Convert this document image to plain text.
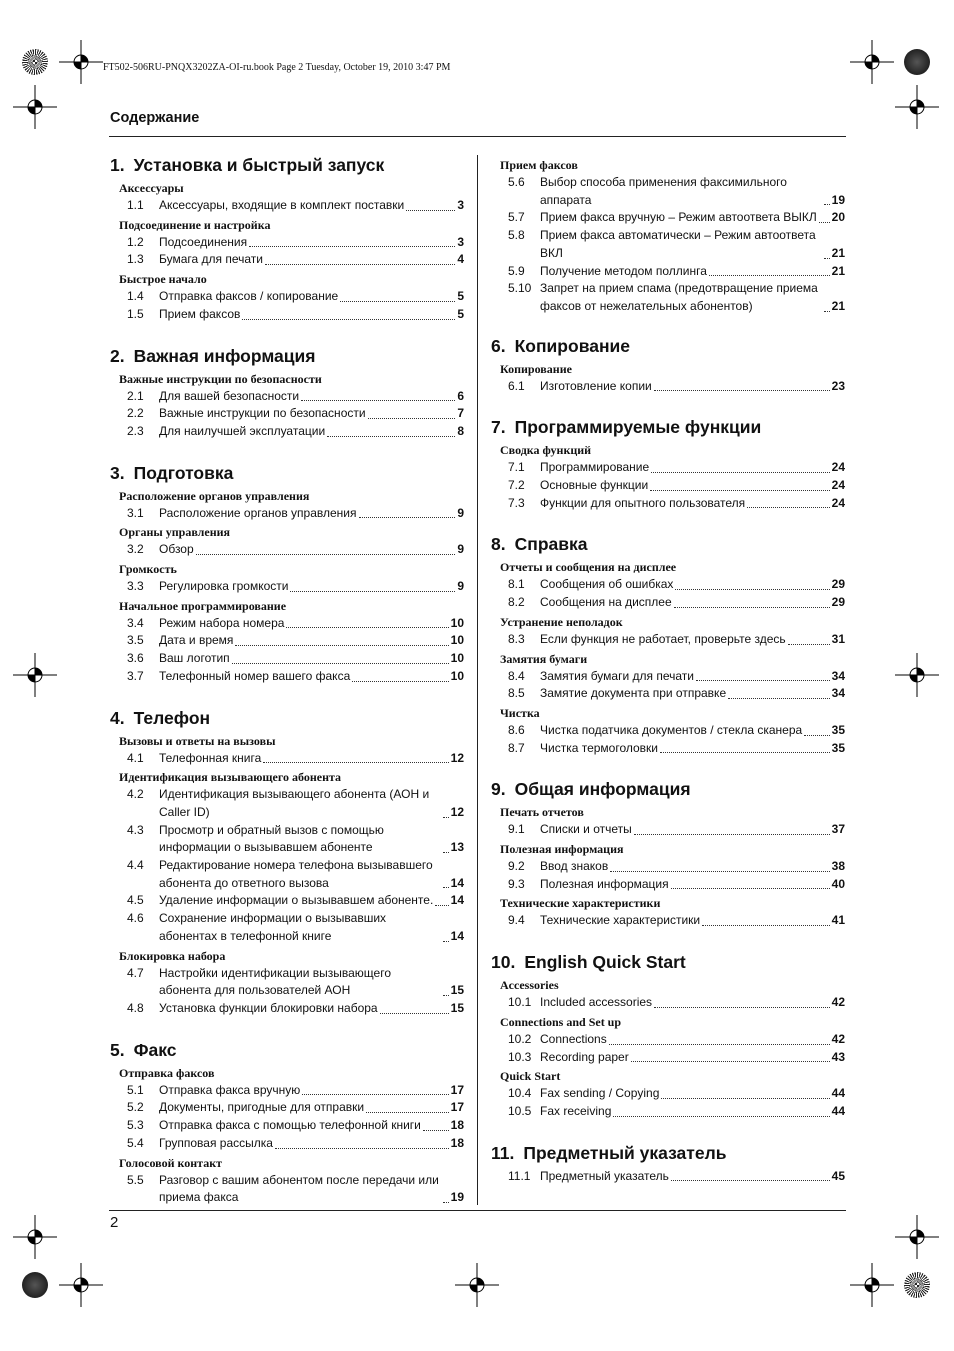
FT502-506RU-PNQX3202ZA-OI-ru.book Page 2 Tuesday, October 19, 2010 3:47 PM
Содержание
2
1. Установка и быстрый запуск
Аксессуары
1.1	Аксессуары, входящие в комплект поставки	3
Подсоединение и настройка
1.2	Подсоединения	3
1.3	Бумага для печати	4
Быстрое начало
1.4	Отправка факсов / копирование	5
1.5	Прием факсов	5
2. Важная информация
Важные инструкции по безопасности
2.1	Для вашей безопасности	6
2.2	Важные инструкции по безопасности	7
2.3	Для наилучшей эксплуатации	8
3. Подготовка
Расположение органов управления
3.1	Расположение органов управления	9
Органы управления
3.2	Обзор	9
Громкость
3.3	Регулировка громкости	9
Начальное программирование
3.4	Режим набора номера	10
3.5	Дата и время	10
3.6	Ваш логотип	10
3.7	Телефонный номер вашего факса	10
4. Телефон
Вызовы и ответы на вызовы
4.1	Телефонная книга	12
Идентификация вызывающего абонента
4.2	Идентификация вызывающего абонента (АОН и Caller ID)	12
4.3	Просмотр и обратный вызов с помощью информации о вызывавшем абоненте	13
4.4	Редактирование номера телефона вызывавшего абонента до ответного вызова	14
4.5	Удаление информации о вызывавшем абоненте. 14
4.6	Сохранение информации о вызывавших абонентах в телефонной книге	14
Блокировка набора
4.7	Настройки идентификации вызывающего абонента для пользователей АОН	15
4.8	Установка функции блокировки набора	15
5. Факс
Отправка факсов
5.1	Отправка факса вручную	17
5.2	Документы, пригодные для отправки	17
5.3	Отправка факса с помощью телефонной книги 18
5.4	Групповая рассылка	18
Голосовой контакт
5.5	Разговор с вашим абонентом после передачи или приема факса	19
Прием факсов
5.6	Выбор способа применения факсимильного аппарата	19
5.7	Прием факса вручную – Режим автоответа ВЫКЛ 20
5.8	Прием факса автоматически – Режим автоответа ВКЛ	21
5.9	Получение методом поллинга	21
5.10 Запрет на прием спама (предотвращение приема факсов от нежелательных абонентов)	21
6. Копирование
Копирование
6.1	Изготовление копии	23
7. Программируемые функции
Сводка функций
7.1	Программирование	24
7.2	Основные функции	24
7.3	Функции для опытного пользователя	24
8. Справка
Отчеты и сообщения на дисплее
8.1	Сообщения об ошибках	29
8.2	Сообщения на дисплее	29
Устранение неполадок
8.3	Если функция не работает, проверьте здесь	31
Замятия бумаги
8.4	Замятия бумаги для печати	34
8.5	Замятие документа при отправке	34
Чистка
8.6	Чистка податчика документов / стекла сканера 35
8.7	Чистка термоголовки	35
9. Общая информация
Печать отчетов
9.1	Списки и отчеты	37
Полезная информация
9.2	Ввод знаков	38
9.3	Полезная информация	40
Технические характеристики
9.4	Технические характеристики	41
10. English Quick Start
Accessories
10.1 Included accessories	42
Connections and Set up
10.2 Connections	42
10.3 Recording paper	43
Quick Start
10.4 Fax sending / Copying	44
10.5 Fax receiving	44
11. Предметный указатель
11.1 Предметный указатель	45
